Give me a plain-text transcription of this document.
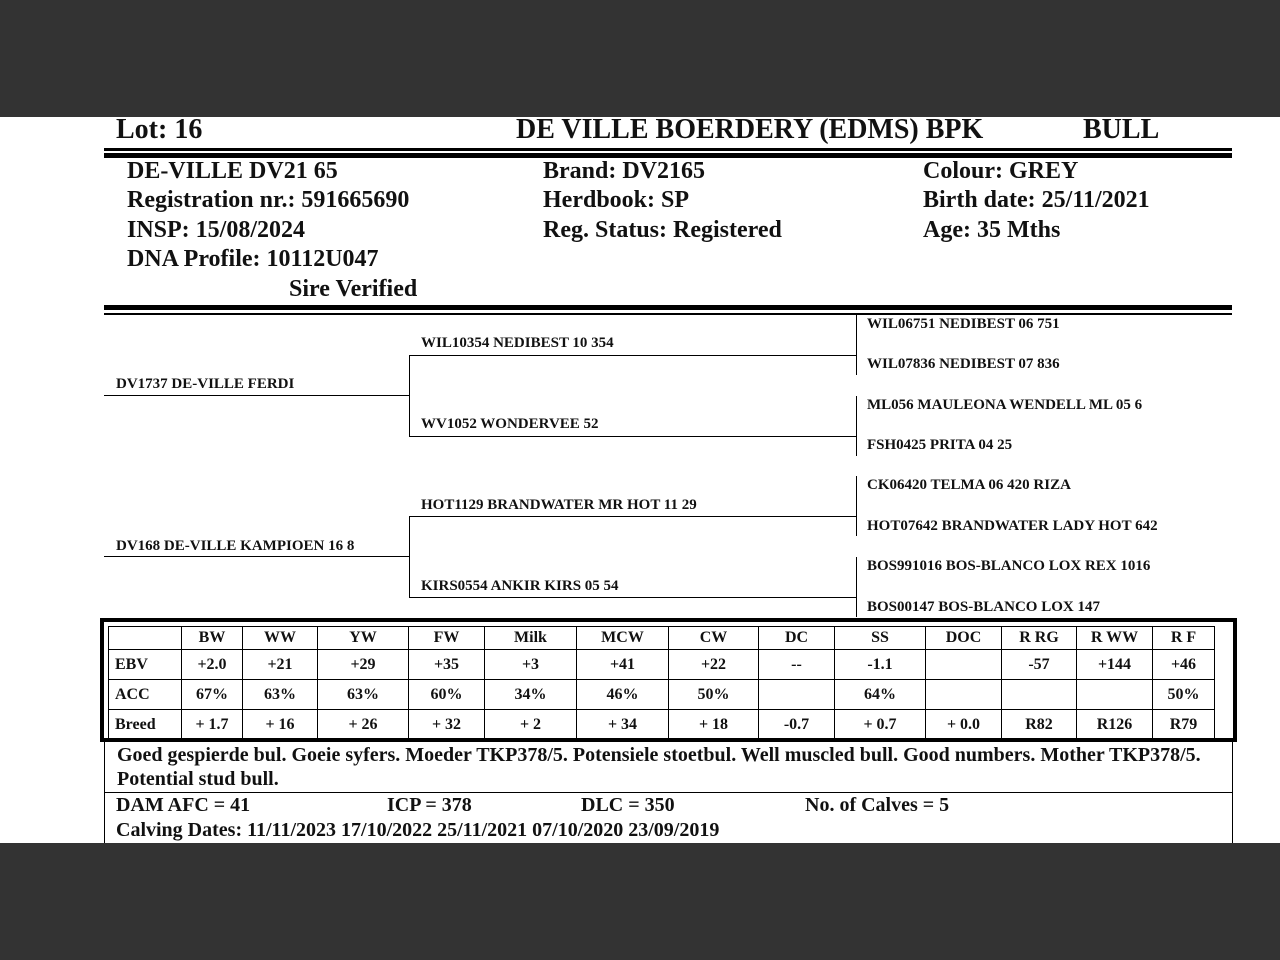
Lot: 16	DE VILLE BOERDERY (EDMS) BPK	BULL
DE-VILLE DV21 65
Registration nr.: 591665690
INSP: 15/08/2024
DNA Profile: 10112U047
Sire Verified
Brand: DV2165
Herdbook: SP
Reg. Status: Registered
Colour: GREY
Birth date: 25/11/2021
Age: 35 Mths
DV1737 DE-VILLE FERDI
DV168 DE-VILLE KAMPIOEN 16 8
WIL10354 NEDIBEST 10 354
WV1052 WONDERVEE 52
HOT1129 BRANDWATER MR HOT 11 29
KIRS0554 ANKIR KIRS 05 54
WIL06751 NEDIBEST 06 751
WIL07836 NEDIBEST 07 836
ML056 MAULEONA WENDELL ML 05 6
FSH0425 PRITA 04 25
CK06420 TELMA 06 420 RIZA
HOT07642 BRANDWATER LADY HOT 642
BOS991016 BOS-BLANCO LOX REX 1016
BOS00147 BOS-BLANCO LOX 147
	BW	WW	YW	FW	Milk	MCW	CW	DC	SS	DOC	R RG	R WW	R F
EBV	+2.0	+21	+29	+35	+3	+41	+22	--	-1.1		-57	+144	+46
ACC	67%	63%	63%	60%	34%	46%	50%		64%				50%
Breed	+ 1.7	+ 16	+ 26	+ 32	+ 2	+ 34	+ 18	-0.7	+ 0.7	+ 0.0	R82	R126	R79
Goed gespierde bul. Goeie syfers. Moeder TKP378/5. Potensiele stoetbul. Well muscled bull. Good numbers. Mother TKP378/5. Potential stud bull.
DAM AFC = 41	ICP = 378	DLC = 350	No. of Calves = 5
Calving Dates: 11/11/2023 17/10/2022 25/11/2021 07/10/2020 23/09/2019
